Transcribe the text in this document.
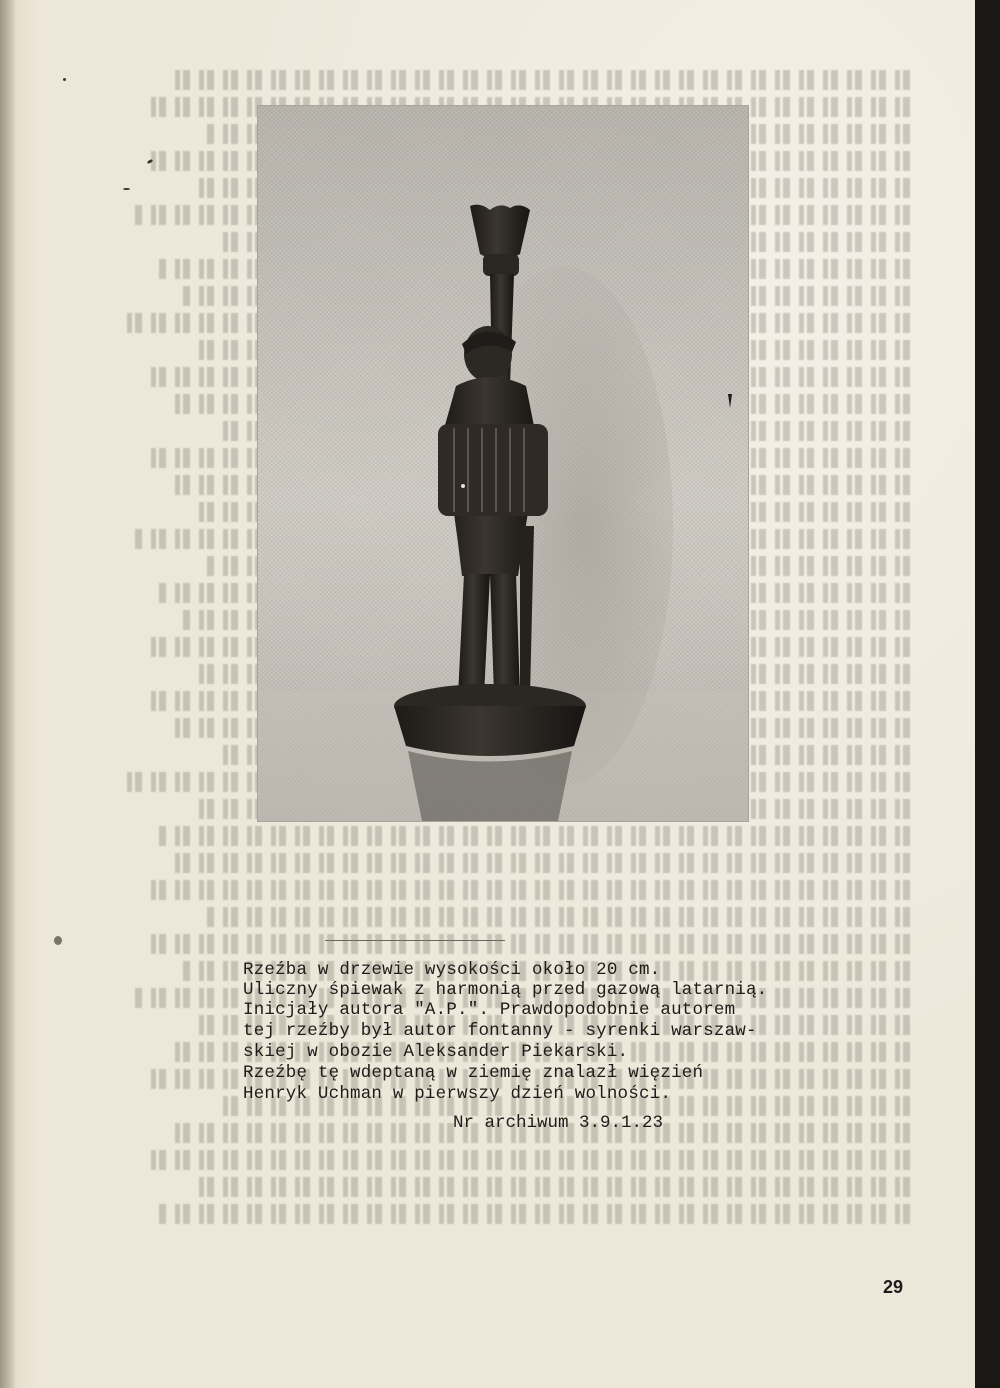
Rzeźba w drzewie wysokości około 20 cm.

Uliczny śpiewak z harmonią przed gazową latarnią.

Inicjały autora "A.P.". Prawdopodobnie autorem

tej rzeźby był autor fontanny - syrenki warszaw-

skiej w obozie Aleksander Piekarski.

Rzeźbę tę wdeptaną w ziemię znalazł więzień

Henryk Uchman w pierwszy dzień wolności.

Nr archiwum 3.9.1.23

29
